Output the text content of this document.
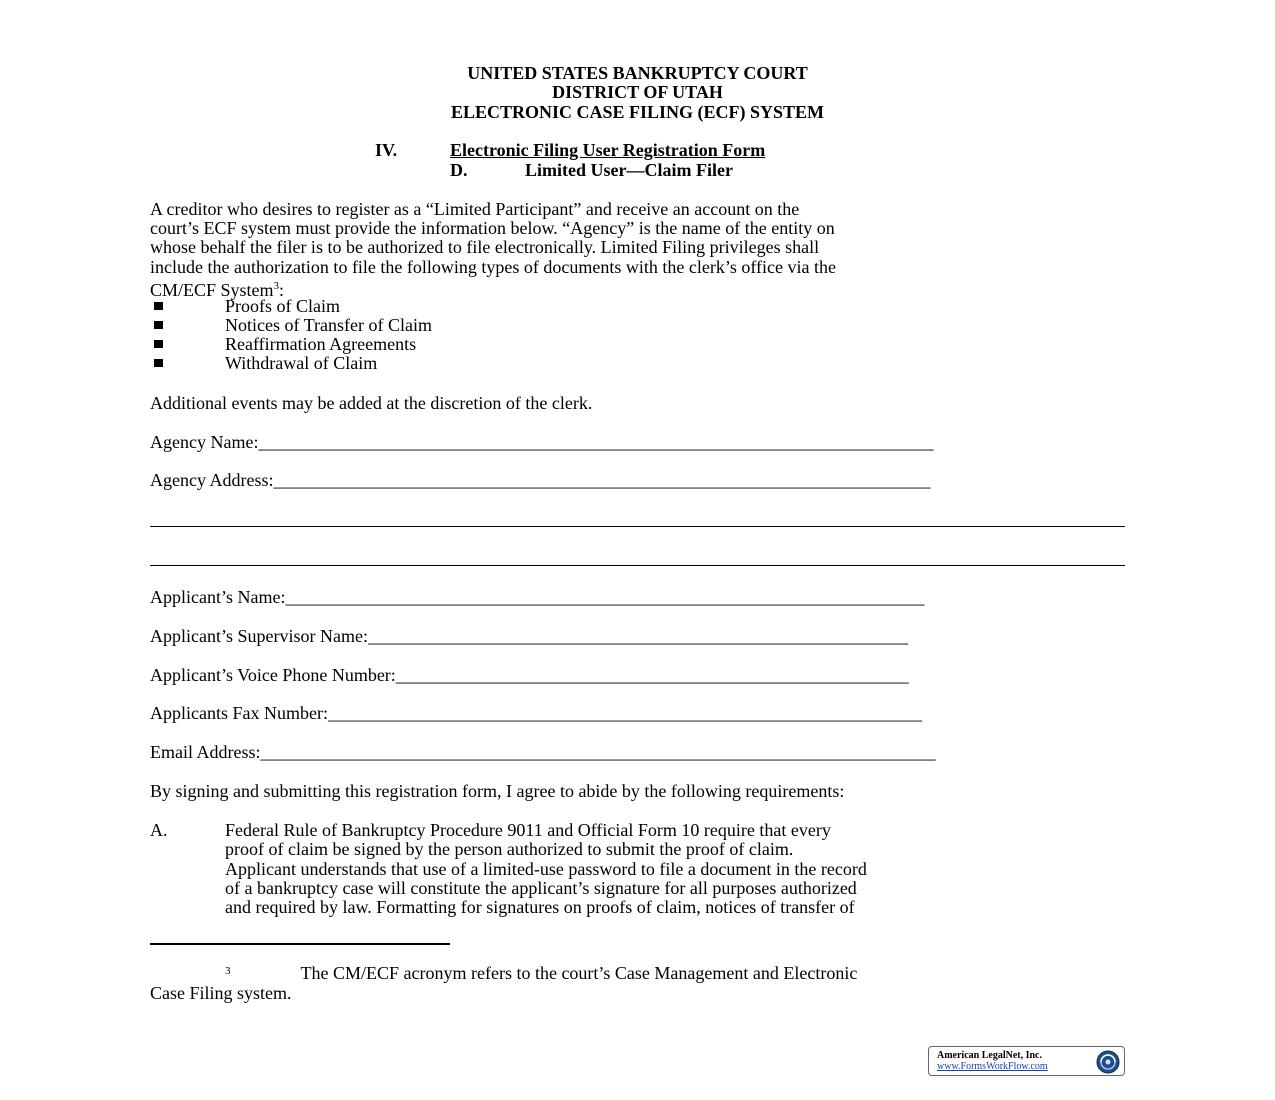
UNITED STATES BANKRUPTCY COURT
DISTRICT OF UTAH
ELECTRONIC CASE FILING (ECF) SYSTEM
IV.	Electronic Filing User Registration Form
D.	Limited User—Claim Filer

A creditor who desires to register as a “Limited Participant” and receive an account on the

court’s ECF system must provide the information below. “Agency” is the name of the entity on

whose behalf the filer is to be authorized to file electronically. Limited Filing privileges shall

include the authorization to file the following types of documents with the clerk’s office via the

CM/ECF System$^3$:

Proofs of Claim
Notices of Transfer of Claim
Reaffirmation Agreements
Withdrawal of Claim
Additional events may be added at the discretion of the clerk.
Agency Name:___________________________________________________________________________
Agency Address:_________________________________________________________________________
Applicant’s Name:_______________________________________________________________________
Applicant’s Supervisor Name:____________________________________________________________
Applicant’s Voice Phone Number:_________________________________________________________
Applicants Fax Number:__________________________________________________________________
Email Address:___________________________________________________________________________
By signing and submitting this registration form, I agree to abide by the following requirements:
A.	Federal Rule of Bankruptcy Procedure 9011 and Official Form 10 require that every
proof of claim be signed by the person authorized to submit the proof of claim.
Applicant understands that use of a limited-use password to file a document in the record
of a bankruptcy case will constitute the applicant’s signature for all purposes authorized
and required by law. Formatting for signatures on proofs of claim, notices of transfer of
$^3$	The CM/ECF acronym refers to the court’s Case Management and Electronic
Case Filing system.
American LegalNet, Inc.
www.FormsWorkFlow.com
